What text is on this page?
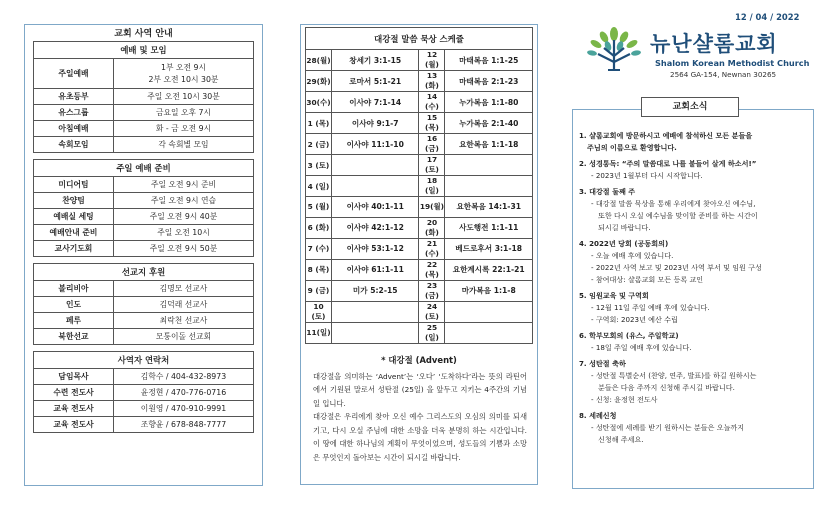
12 / 04 / 2022
뉴난샬롬교회
Shalom Korean Methodist Church
2564 GA-154, Newnan 30265
교회 사역 안내
예배 및 모임	
주일예배	1부 오전 9시
2부 오전 10시 30분

유초등부	주일 오전 10시 30분
유스그룹	금요일 오후 7시
아침예배	화 - 금 오전 9시
속회모임	각 속회별 모임
주일 예배 준비	
미디어팀	주일 오전 9시 준비
찬양팀	주일 오전 9시 연습
예배실 세팅	주일 오전 9시 40분
예배안내 준비	주일 오전 10시
교사기도회	주일 오전 9시 50분
선교지 후원	
볼리비아	김명모 선교사
인도	김덕래 선교사
페루	최락천 선교사
북한선교	모퉁이돌 선교회
사역자 연락처	
담임목사	김학수 / 404-432-8973
수련 전도사	윤정현 / 470-776-0716
교육 전도사	이원영 / 470-910-9991
교육 전도사	조향윤 / 678-848-7777
대강절 말씀 묵상 스케쥴			
28(월)	창세기 3:1-15	12 (월)	마태복음 1:1-25
29(화)	로마서 5:1-21	13 (화)	마태복음 2:1-23
30(수)	이사야 7:1-14	14 (수)	누가복음 1:1-80
1 (목)	이사야 9:1-7	15 (목)	누가복음 2:1-40
2 (금)	이사야 11:1-10	16 (금)	요한복음 1:1-18
3 (토)		17 (토)	
4 (일)		18 (일)	
5 (월)	이사야 40:1-11	19(월)	요한복음 14:1-31
6 (화)	이사야 42:1-12	20 (화)	사도행전 1:1-11
7 (수)	이사야 53:1-12	21 (수)	베드로후서 3:1-18
8 (목)	이사야 61:1-11	22 (목)	요한계시록 22:1-21
9 (금)	미가 5:2-15	23 (금)	마가복음 1:1-8
10 (토)		24 (토)	
11(일)		25 (일)	
* 대강절 (Advent)

대강절을 의미하는 ‘Advent’는 ‘오다’ ‘도착하다’라는 뜻의 라틴어에서 기원된 말로서 성탄절 (25일) 을 앞두고 지키는 4주간의 기념일 입니다.

대강절은 우리에게 찾아 오신 예수 그리스도의 오심의 의미를 되새기고, 다시 오실 주님에 대한 소망을 더욱 분명히 하는 시간입니다. 이 땅에 대한 하나님의 계획이 무엇이었으며, 성도들의 기쁨과 소망은 무엇인지 돌아보는 시간이 되시길 바랍니다.

교회소식
1. 샬롬교회에 방문하시고 예배에 참석하신 모든 분들을
주님의 이름으로 환영합니다.
2. 성경통독: “주의 말씀대로 나를 붙들어 살게 하소서!”
- 2023년 1월부터 다시 시작합니다.
3. 대강절 둘째 주
- 대강절 말씀 묵상을 통해 우리에게 찾아오신 예수님,
또한 다시 오실 예수님을 맞이할 준비를 하는 시간이
되시길 바랍니다.
4. 2022년 당회 (공동회의)
- 오늘 예배 후에 있습니다.
- 2022년 사역 보고 및 2023년 사역 부서 및 임원 구성
- 참여대상: 샬롬교회 모든 등록 교인
5. 임원교육 및 구역회
- 12월 11일 주일 예배 후에 있습니다.
- 구역회: 2023년 예산 수립
6. 학부모회의 (유스, 주일학교)
- 18일 주일 예배 후에 있습니다.
7. 성탄절 축하
- 성탄절 특별순서 (찬양, 연주, 발표)를 하길 원하시는
분들은 다음 주까지 신청해 주시길 바랍니다.
- 신청: 윤정현 전도사
8. 세례신청
- 성탄절에 세례를 받기 원하시는 분들은 오늘까지
신청해 주세요.
